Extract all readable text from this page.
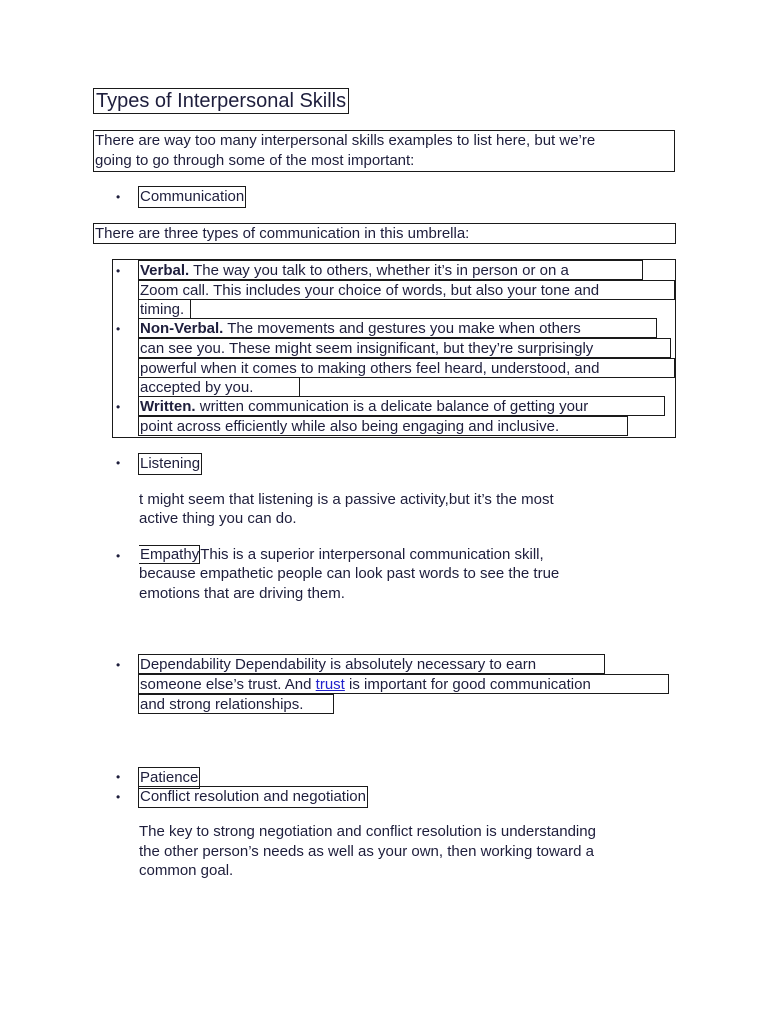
Types of Interpersonal Skills
There are way too many interpersonal skills examples to list here, but we’re
going to go through some of the most important:
• Communication
There are three types of communication in this umbrella:
• Verbal. The way you talk to others, whether it’s in person or on a
Zoom call. This includes your choice of words, but also your tone and
timing.
• Non-Verbal. The movements and gestures you make when others
can see you. These might seem insignificant, but they’re surprisingly
powerful when it comes to making others feel heard, understood, and
accepted by you.
• Written. written communication is a delicate balance of getting your
point across efficiently while also being engaging and inclusive.
• Listening
t might seem that listening is a passive activity,but it’s the most
active thing you can do.
• EmpathyThis is a superior interpersonal communication skill,
because empathetic people can look past words to see the true
emotions that are driving them.
• Dependability Dependability is absolutely necessary to earn
someone else’s trust. And trust is important for good communication
and strong relationships.
• Patience
• Conflict resolution and negotiation
The key to strong negotiation and conflict resolution is understanding
the other person’s needs as well as your own, then working toward a
common goal.
